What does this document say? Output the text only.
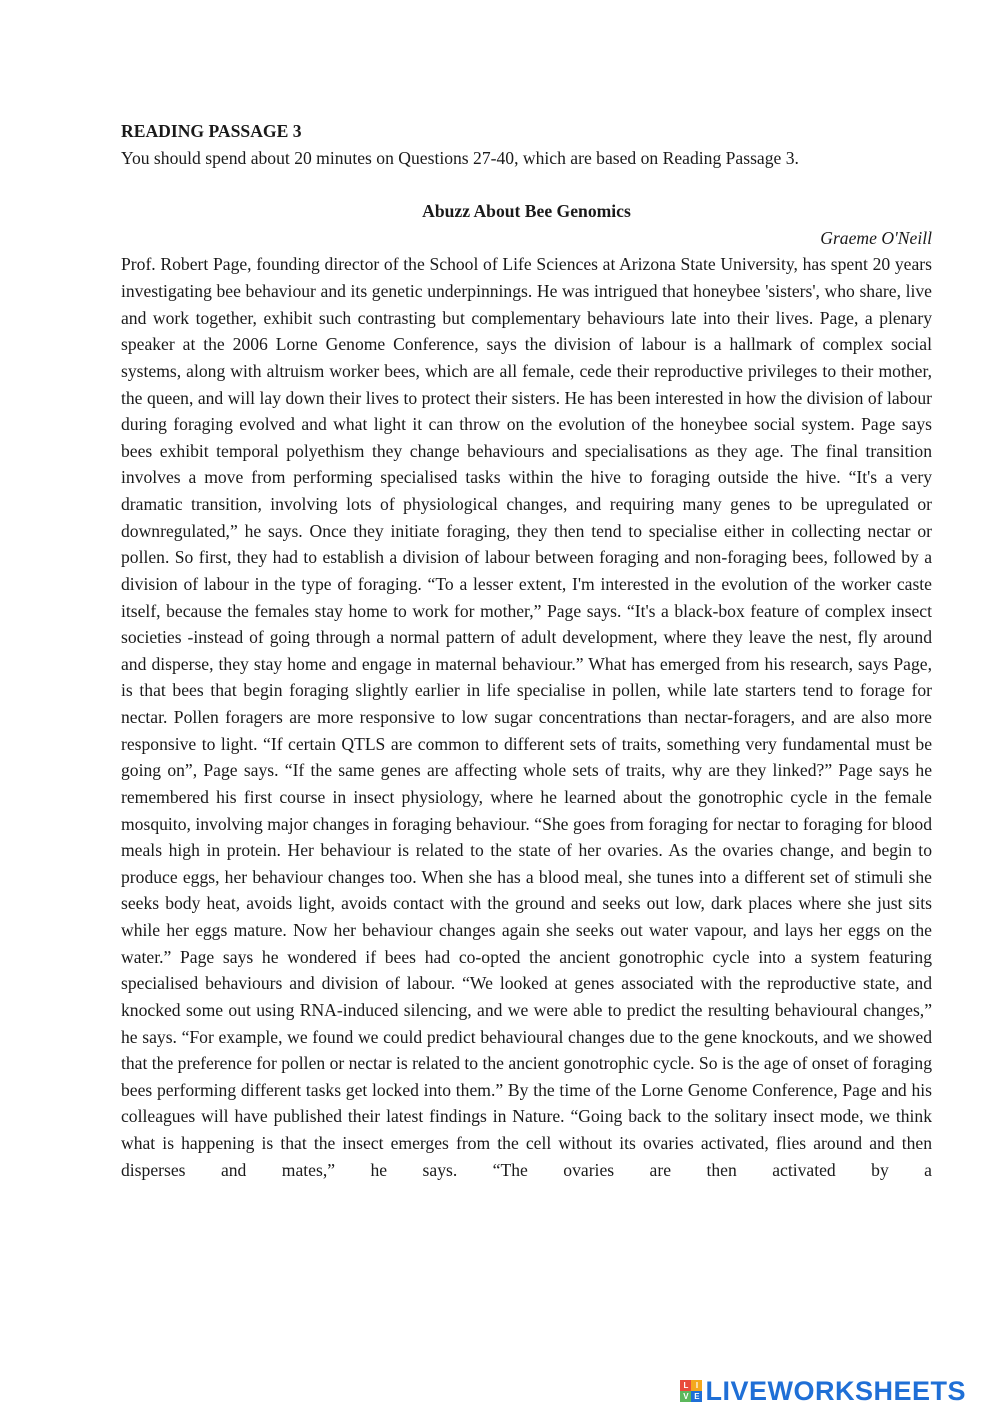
READING PASSAGE 3

You should spend about 20 minutes on Questions 27-40, which are based on Reading Passage 3.

Abuzz About Bee Genomics

Graeme O'Neill

Prof. Robert Page, founding director of the School of Life Sciences at Arizona State University, has spent 20 years investigating bee behaviour and its genetic underpinnings. He was intrigued that honeybee 'sisters', who share, live and work together, exhibit such contrasting but complementary behaviours late into their lives. Page, a plenary speaker at the 2006 Lorne Genome Conference, says the division of labour is a hallmark of complex social systems, along with altruism worker bees, which are all female, cede their reproductive privileges to their mother, the queen, and will lay down their lives to protect their sisters. He has been interested in how the division of labour during foraging evolved and what light it can throw on the evolution of the honeybee social system. Page says bees exhibit temporal polyethism they change behaviours and specialisations as they age. The final transition involves a move from performing specialised tasks within the hive to foraging outside the hive. “It's a very dramatic transition, involving lots of physiological changes, and requiring many genes to be upregulated or downregulated,” he says. Once they initiate foraging, they then tend to specialise either in collecting nectar or pollen. So first, they had to establish a division of labour between foraging and non-foraging bees, followed by a division of labour in the type of foraging. “To a lesser extent, I'm interested in the evolution of the worker caste itself, because the females stay home to work for mother,” Page says. “It's a black-box feature of complex insect societies -instead of going through a normal pattern of adult development, where they leave the nest, fly around and disperse, they stay home and engage in maternal behaviour.” What has emerged from his research, says Page, is that bees that begin foraging slightly earlier in life specialise in pollen, while late starters tend to forage for nectar. Pollen foragers are more responsive to low sugar concentrations than nectar-foragers, and are also more responsive to light. “If certain QTLS are common to different sets of traits, something very fundamental must be going on”, Page says. “If the same genes are affecting whole sets of traits, why are they linked?” Page says he remembered his first course in insect physiology, where he learned about the gonotrophic cycle in the female mosquito, involving major changes in foraging behaviour. “She goes from foraging for nectar to foraging for blood meals high in protein. Her behaviour is related to the state of her ovaries. As the ovaries change, and begin to produce eggs, her behaviour changes too. When she has a blood meal, she tunes into a different set of stimuli she seeks body heat, avoids light, avoids contact with the ground and seeks out low, dark places where she just sits while her eggs mature. Now her behaviour changes again she seeks out water vapour, and lays her eggs on the water.” Page says he wondered if bees had co-opted the ancient gonotrophic cycle into a system featuring specialised behaviours and division of labour. “We looked at genes associated with the reproductive state, and knocked some out using RNA-induced silencing, and we were able to predict the resulting behavioural changes,” he says. “For example, we found we could predict behavioural changes due to the gene knockouts, and we showed that the preference for pollen or nectar is related to the ancient gonotrophic cycle. So is the age of onset of foraging bees performing different tasks get locked into them.” By the time of the Lorne Genome Conference, Page and his colleagues will have published their latest findings in Nature. “Going back to the solitary insect mode, we think what is happening is that the insect emerges from the cell without its ovaries activated, flies around and then disperses and mates,” he says. “The ovaries are then activated by a

L I
V E LIVEWORKSHEETS
